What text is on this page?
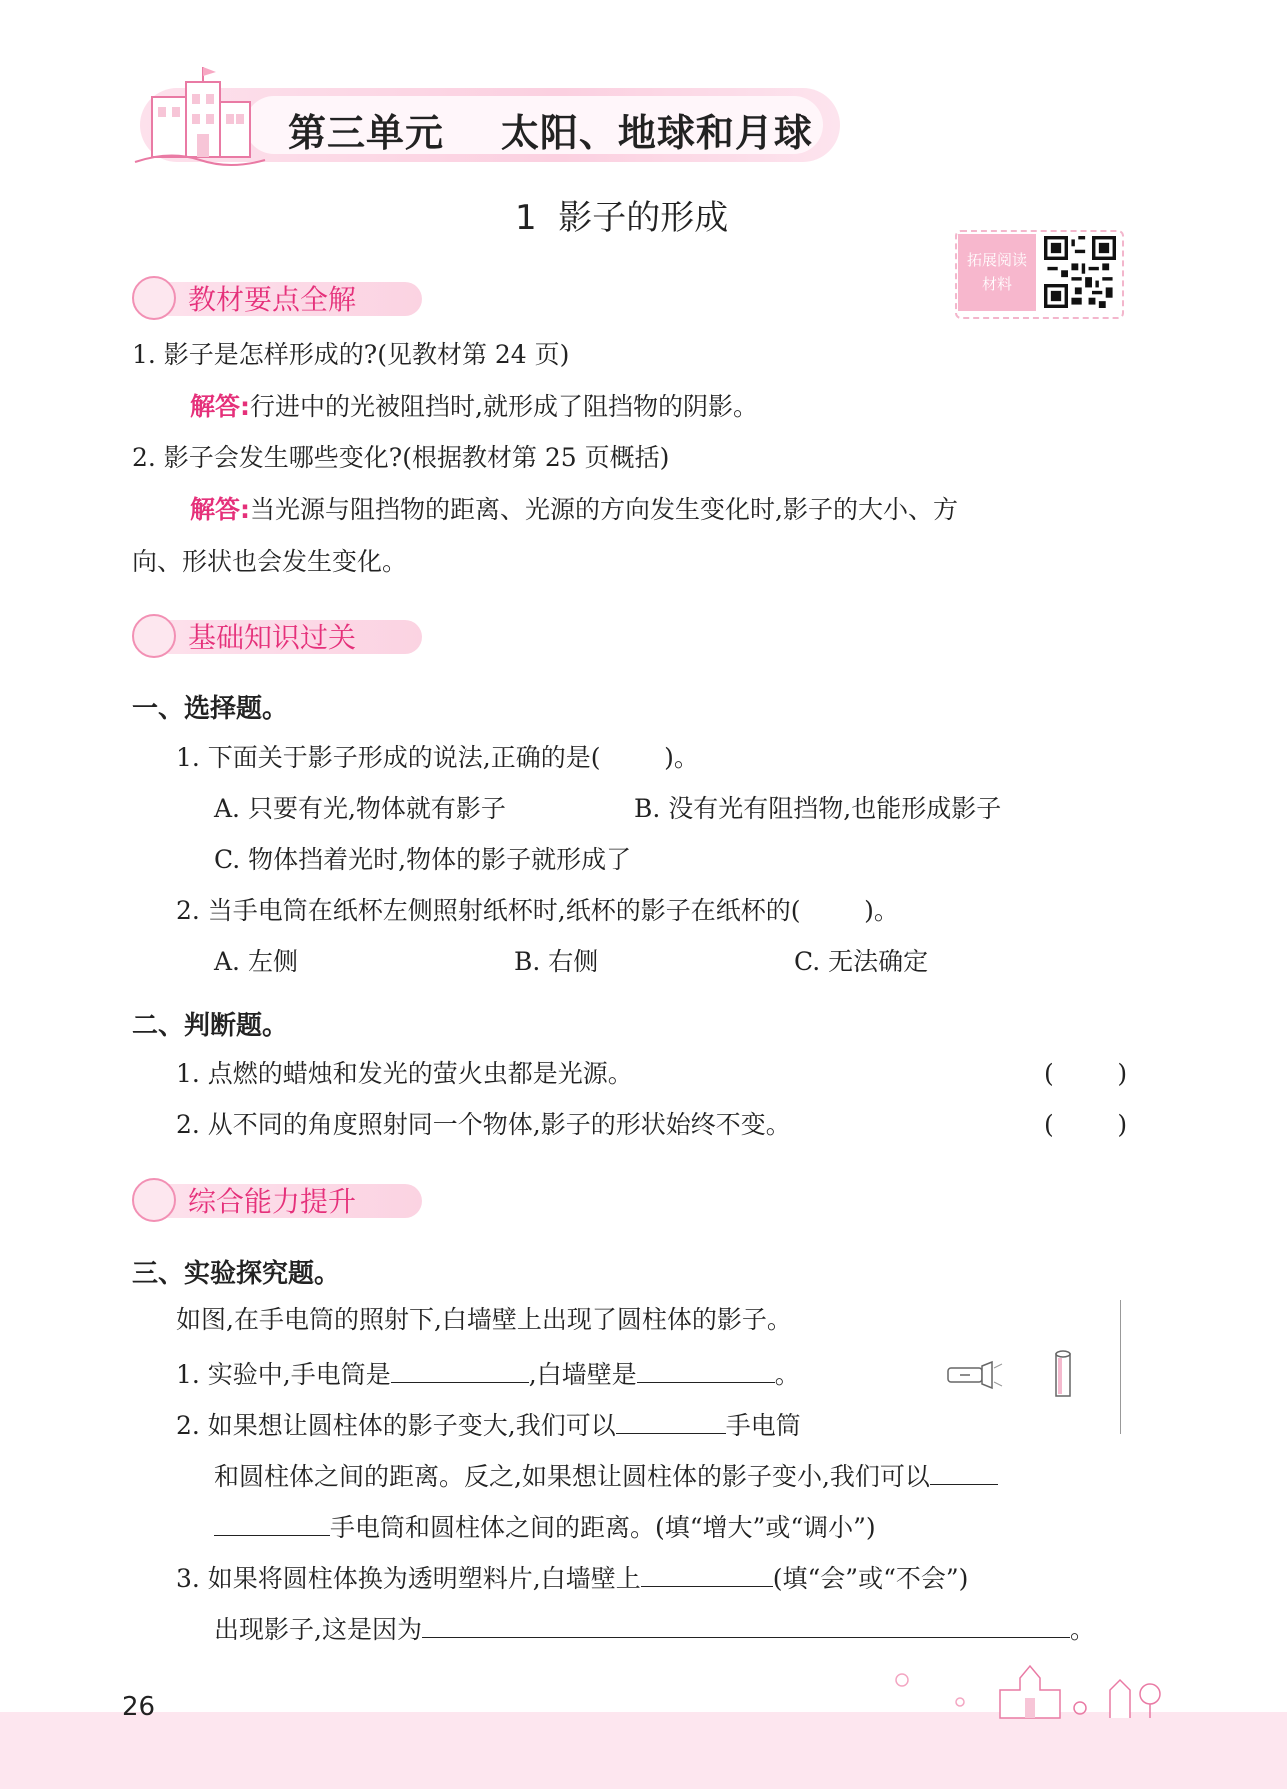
第三单元    太阳、地球和月球
1  影子的形成
拓展阅读
材料
教材要点全解
1. 影子是怎样形成的?(见教材第 24 页)
解答:行进中的光被阻挡时,就形成了阻挡物的阴影。
2. 影子会发生哪些变化?(根据教材第 25 页概括)
解答:当光源与阻挡物的距离、光源的方向发生变化时,影子的大小、方
向、形状也会发生变化。
基础知识过关
一、选择题。
1. 下面关于影子形成的说法,正确的是(        )。
A. 只要有光,物体就有影子	B. 没有光有阻挡物,也能形成影子
C. 物体挡着光时,物体的影子就形成了
2. 当手电筒在纸杯左侧照射纸杯时,纸杯的影子在纸杯的(        )。
A. 左侧	B. 右侧	C. 无法确定
二、判断题。
1. 点燃的蜡烛和发光的萤火虫都是光源。	(        )
2. 从不同的角度照射同一个物体,影子的形状始终不变。	(        )
综合能力提升
三、实验探究题。
如图,在手电筒的照射下,白墙壁上出现了圆柱体的影子。
1. 实验中,手电筒是	,白墙壁是	。
2. 如果想让圆柱体的影子变大,我们可以	手电筒
和圆柱体之间的距离。反之,如果想让圆柱体的影子变小,我们可以
手电筒和圆柱体之间的距离。(填“增大”或“调小”)
3. 如果将圆柱体换为透明塑料片,白墙壁上	(填“会”或“不会”)
出现影子,这是因为	。
26
